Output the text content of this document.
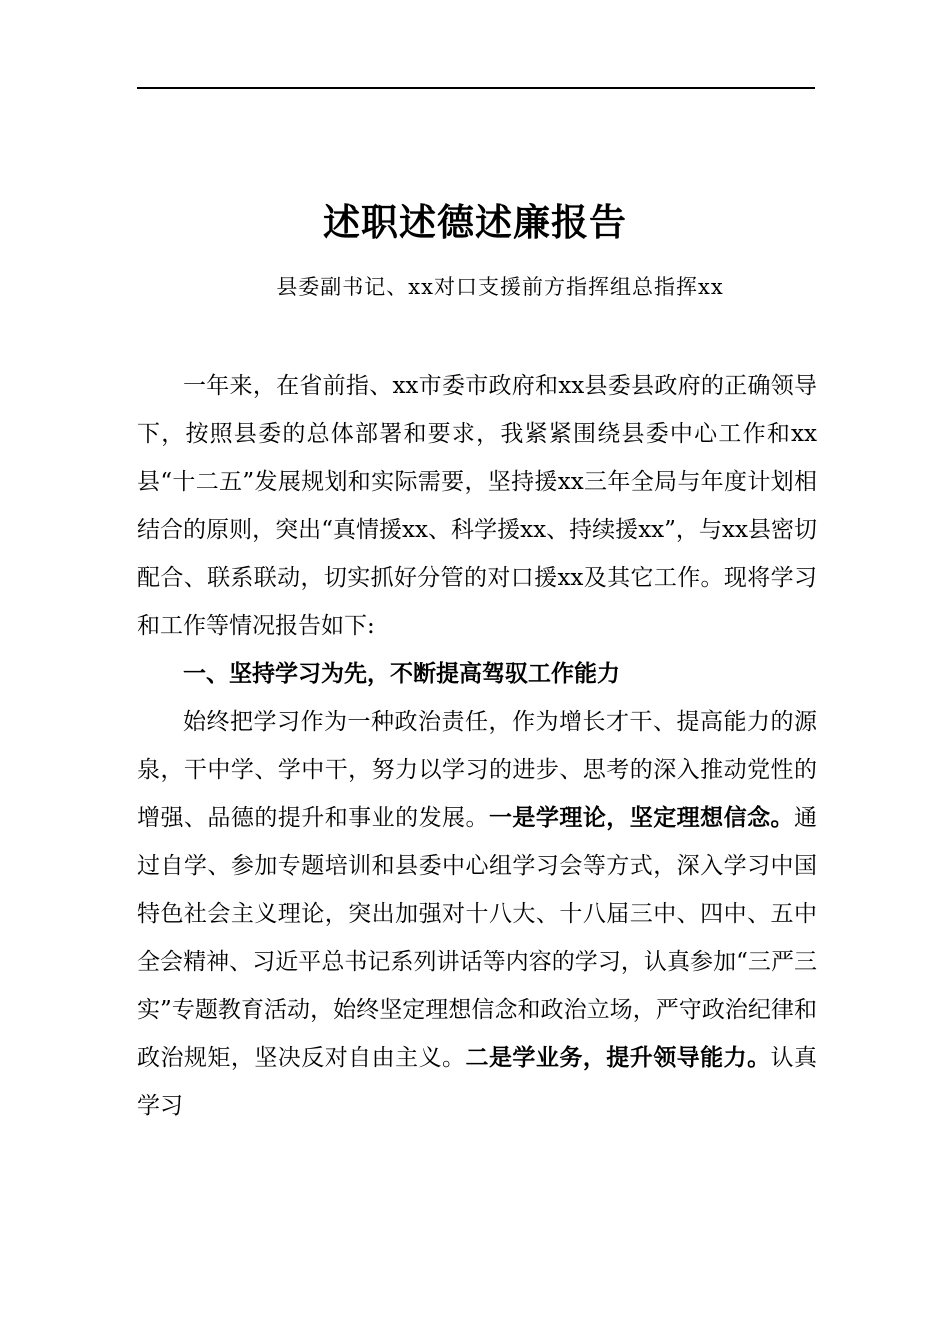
述职述德述廉报告
县委副书记、xx对口支援前方指挥组总指挥xx

一年来，在省前指、xx市委市政府和xx县委县政府的正确领导下，按照县委的总体部署和要求，我紧紧围绕县委中心工作和xx县“十二五”发展规划和实际需要，坚持援xx三年全局与年度计划相结合的原则，突出“真情援xx、科学援xx、持续援xx”，与xx县密切配合、联系联动，切实抓好分管的对口援xx及其它工作。现将学习和工作等情况报告如下:

一、坚持学习为先，不断提高驾驭工作能力

始终把学习作为一种政治责任，作为增长才干、提高能力的源泉，干中学、学中干，努力以学习的进步、思考的深入推动党性的增强、品德的提升和事业的发展。一是学理论，坚定理想信念。通过自学、参加专题培训和县委中心组学习会等方式，深入学习中国特色社会主义理论，突出加强对十八大、十八届三中、四中、五中全会精神、习近平总书记系列讲话等内容的学习，认真参加“三严三实”专题教育活动，始终坚定理想信念和政治立场，严守政治纪律和政治规矩，坚决反对自由主义。二是学业务，提升领导能力。认真学习
